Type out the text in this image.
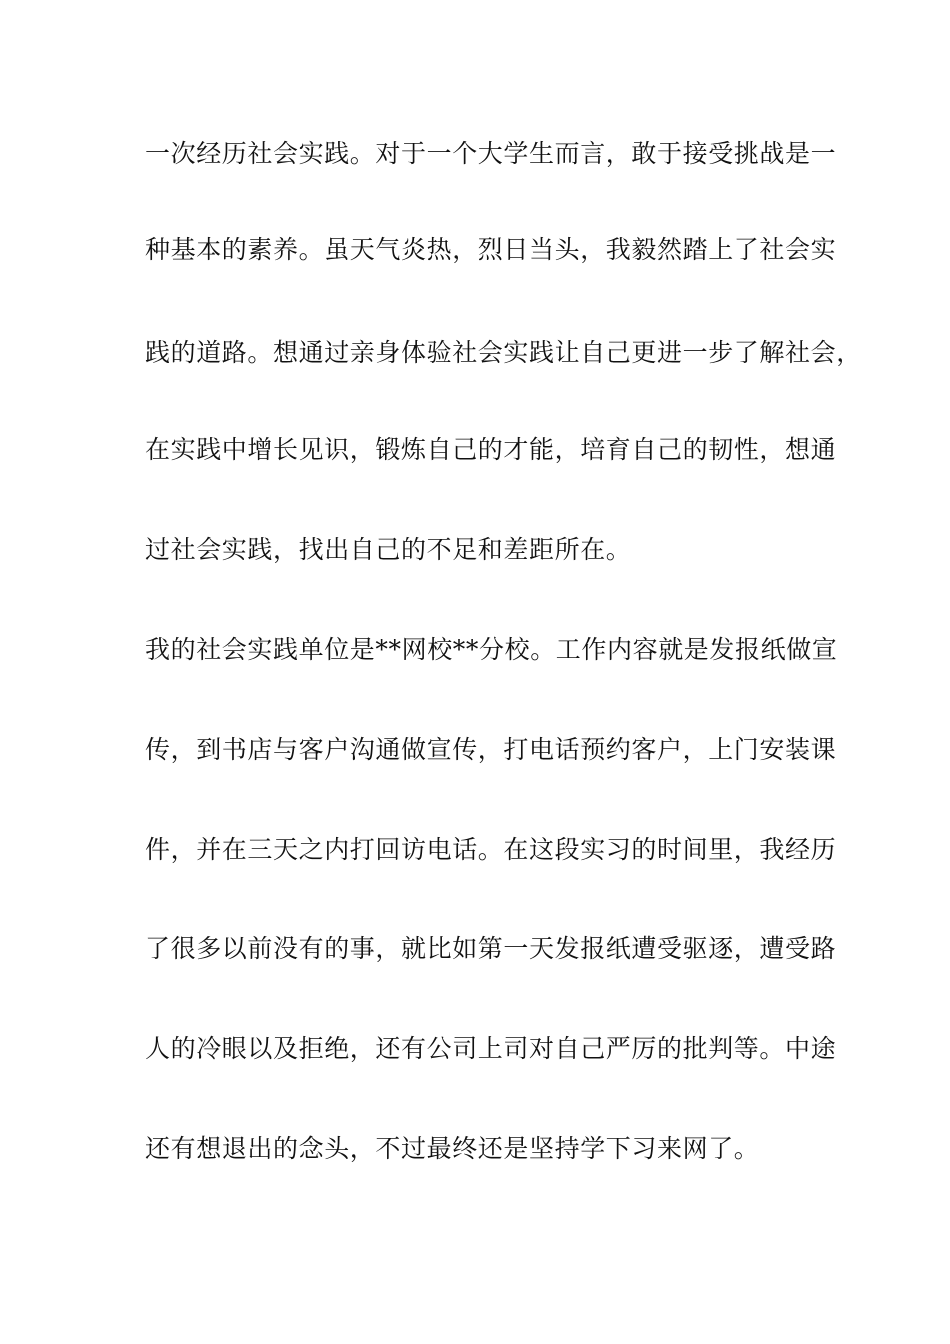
一次经历社会实践。对于一个大学生而言，敢于接受挑战是一
种基本的素养。虽天气炎热，烈日当头，我毅然踏上了社会实
践的道路。想通过亲身体验社会实践让自己更进一步了解社会，
在实践中增长见识，锻炼自己的才能，培育自己的韧性，想通
过社会实践，找出自己的不足和差距所在。
我的社会实践单位是**网校**分校。工作内容就是发报纸做宣
传，到书店与客户沟通做宣传，打电话预约客户，上门安装课
件，并在三天之内打回访电话。在这段实习的时间里，我经历
了很多以前没有的事，就比如第一天发报纸遭受驱逐，遭受路
人的冷眼以及拒绝，还有公司上司对自己严厉的批判等。中途
还有想退出的念头，不过最终还是坚持学下习来网了。
